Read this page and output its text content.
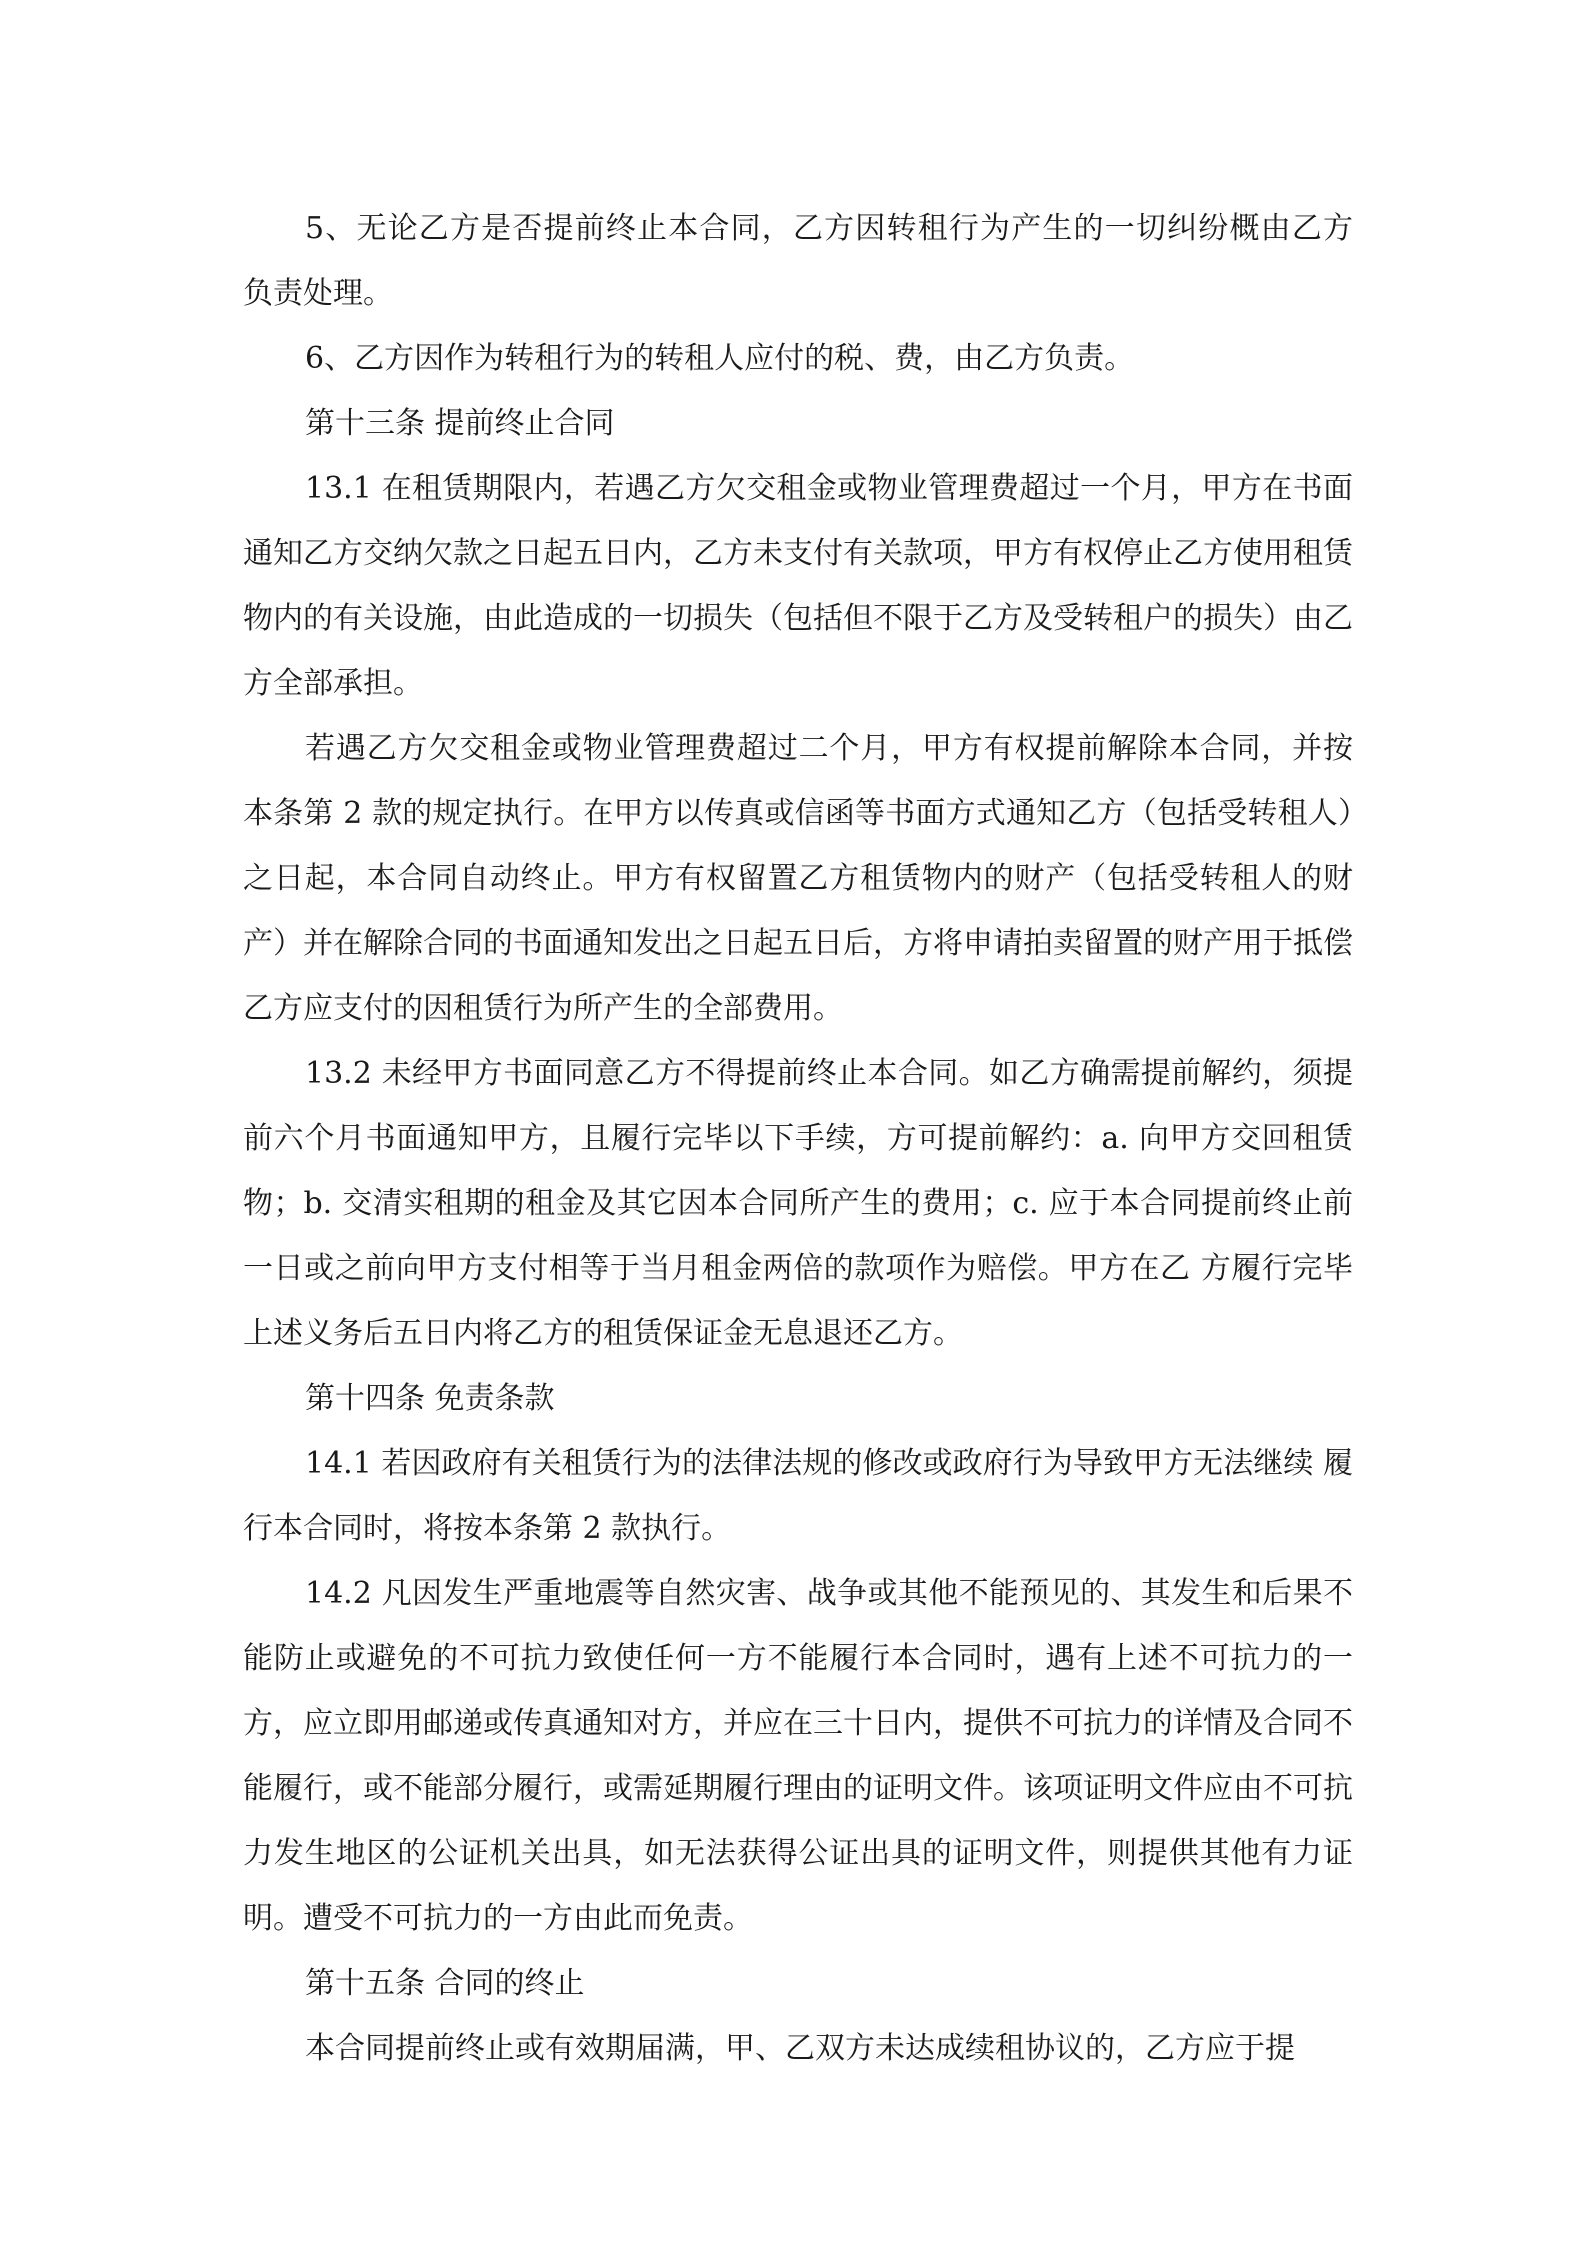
5、无论乙方是否提前终止本合同，乙方因转租行为产生的一切纠纷概由乙方 负责处理。

6、乙方因作为转租行为的转租人应付的税、费，由乙方负责。

第十三条 提前终止合同

13.1 在租赁期限内，若遇乙方欠交租金或物业管理费超过一个月，甲方在书面通知乙方交纳欠款之日起五日内，乙方未支付有关款项，甲方有权停止乙方使用租赁物内的有关设施，由此造成的一切损失（包括但不限于乙方及受转租户的损失）由乙方全部承担。

若遇乙方欠交租金或物业管理费超过二个月，甲方有权提前解除本合同，并按本条第 2 款的规定执行。在甲方以传真或信函等书面方式通知乙方（包括受转租人）之日起，本合同自动终止。甲方有权留置乙方租赁物内的财产（包括受转租人的财产）并在解除合同的书面通知发出之日起五日后，方将申请拍卖留置的财产用于抵偿乙方应支付的因租赁行为所产生的全部费用。

13.2 未经甲方书面同意乙方不得提前终止本合同。如乙方确需提前解约，须提前六个月书面通知甲方，且履行完毕以下手续，方可提前解约：a. 向甲方交回租赁物；b. 交清实租期的租金及其它因本合同所产生的费用；c. 应于本合同提前终止前一日或之前向甲方支付相等于当月租金两倍的款项作为赔偿。甲方在乙 方履行完毕上述义务后五日内将乙方的租赁保证金无息退还乙方。

第十四条 免责条款

14.1 若因政府有关租赁行为的法律法规的修改或政府行为导致甲方无法继续 履行本合同时，将按本条第 2 款执行。

14.2 凡因发生严重地震等自然灾害、战争或其他不能预见的、其发生和后果不能防止或避免的不可抗力致使任何一方不能履行本合同时，遇有上述不可抗力的一方，应立即用邮递或传真通知对方，并应在三十日内，提供不可抗力的详情及合同不能履行，或不能部分履行，或需延期履行理由的证明文件。该项证明文件应由不可抗力发生地区的公证机关出具，如无法获得公证出具的证明文件，则提供其他有力证明。遭受不可抗力的一方由此而免责。

第十五条 合同的终止

本合同提前终止或有效期届满，甲、乙双方未达成续租协议的，乙方应于提
